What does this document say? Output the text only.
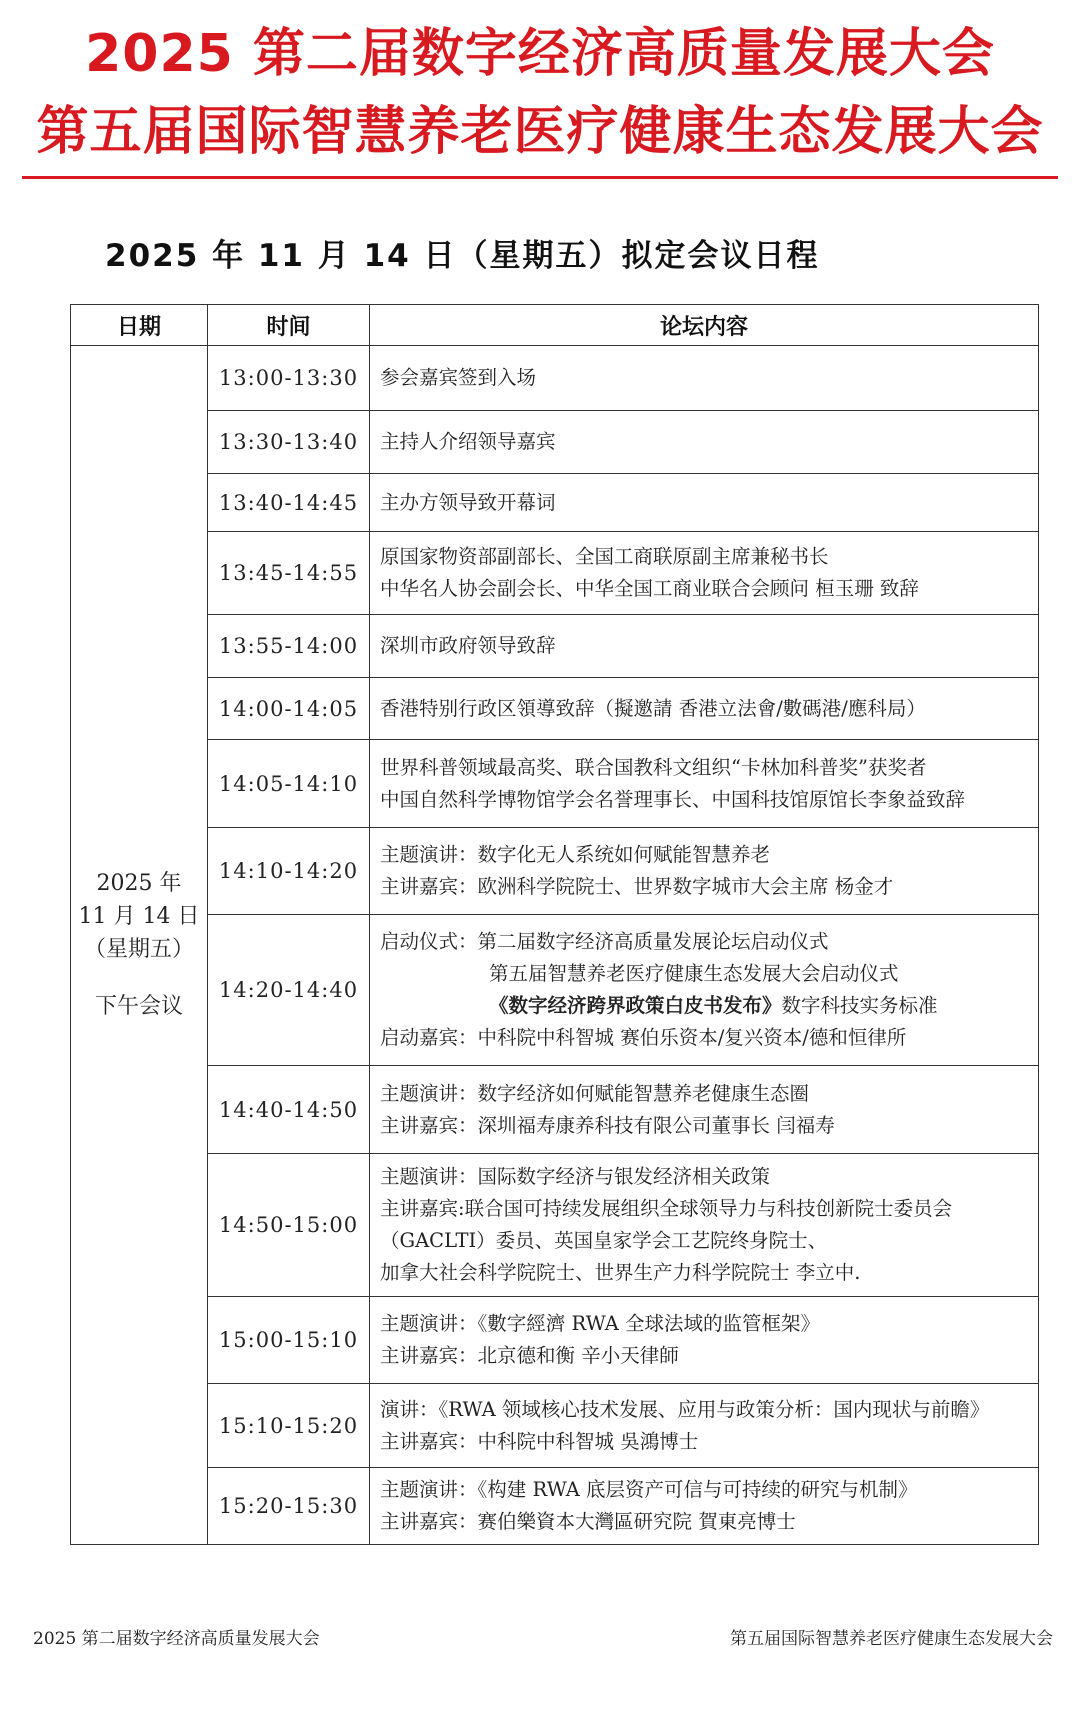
2025 第二届数字经济高质量发展大会
第五届国际智慧养老医疗健康生态发展大会
2025 年 11 月 14 日（星期五）拟定会议日程
日期	时间	论坛内容

2025 年
11 月 14 日
（星期五）
下午会议	13:00-13:30	参会嘉宾签到入场

	13:30-13:40	主持人介绍领导嘉宾

	13:40-14:45	主办方领导致开幕词

	13:45-14:55	原国家物资部副部长、全国工商联原副主席兼秘书长
中华名人协会副会长、中华全国工商业联合会顾问 桓玉珊 致辞

	13:55-14:00	深圳市政府领导致辞

	14:00-14:05	香港特别行政区領導致辞（擬邀請 香港立法會/數碼港/應科局）

	14:05-14:10	世界科普领域最高奖、联合国教科文组织“卡林加科普奖”获奖者
中国自然科学博物馆学会名誉理事长、中国科技馆原馆长李象益致辞

	14:10-14:20	主题演讲：数字化无人系统如何赋能智慧养老
主讲嘉宾：欧洲科学院院士、世界数字城市大会主席 杨金才

	14:20-14:40	启动仪式：第二届数字经济高质量发展论坛启动仪式
第五届智慧养老医疗健康生态发展大会启动仪式
《数字经济跨界政策白皮书发布》数字科技实务标准
启动嘉宾：中科院中科智城 赛伯乐资本/复兴资本/德和恒律所

	14:40-14:50	主题演讲：数字经济如何赋能智慧养老健康生态圈
主讲嘉宾：深圳福寿康养科技有限公司董事长 闫福寿

	14:50-15:00	主题演讲：国际数字经济与银发经济相关政策
主讲嘉宾:联合国可持续发展组织全球领导力与科技创新院士委员会
（GACLTI）委员、英国皇家学会工艺院终身院士、
加拿大社会科学院院士、世界生产力科学院院士 李立中.

	15:00-15:10	主题演讲：《數字經濟 RWA 全球法域的监管框架》
主讲嘉宾：北京德和衡 辛小天律師

	15:10-15:20	演讲：《RWA 领域核心技术发展、应用与政策分析：国内现状与前瞻》
主讲嘉宾：中科院中科智城 吳鴻博士

	15:20-15:30	主题演讲：《构建 RWA 底层资产可信与可持续的研究与机制》
主讲嘉宾：赛伯樂資本大灣區研究院 賀東亮博士
2025 第二届数字经济高质量发展大会	第五届国际智慧养老医疗健康生态发展大会
